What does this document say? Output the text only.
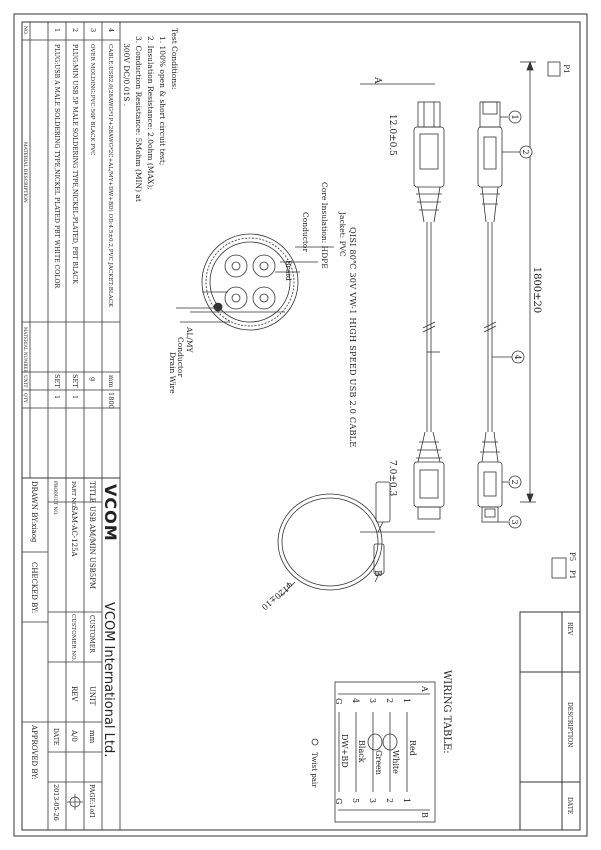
REV
DESCRIPTION
DATE
1
2
4
2
3
1800±20
P1
P5
P1
A
B
12.0±0.5
7.0±0.3
QISI 80℃ 30V VW-1 HIGH SPEED USB 2.0 CABLE
Jacket: PVC
Core Insulation: HDPE
Conductor
Braid
AL/MY
Conductor
Drain Wire
φ120±10
Test Conditions:
1. 100% open & short circuit test;
2. Insulation Resistance: 2.0ohm (MAX);
3. Conduction Resistance: 5Mohm (MIN) at
300V DC/0.01S .
4
CABLE:USB2.0(28AWG*1P+28AWG*2C+AL/MY+DW+BD) OD:4.5±0.2,PVC JACKET:BLACK
mm
1800
3
OVER MOLDING:PVC-50P BLACK PVC
g
2
PLUG:MIN USB 5P MALE SOLDERING TYPE,NICKEL-PLATED, PBT BLACK
SET
1
1
PLUG:USB A MALE SOLDERING TYPE,NICKEL PLATED PBT WHITE COLOR
SET
1
NO.
MATERIAL DESCRIPTION
MATERIAL NUMBER
UNIT
QTY
VCOM
VCOM International Ltd.
TITLE
USB AM/MIN USB5PM
CUSTOMER
UNIT
mm
PAGE:1of1
PART NO.
SAM-AC-125A
CUSTOMER NO.
REV
A/0
PRODUCT NO.
DATE
2013-05-26
DRAWN BY:xiaog
CHECKED BY:
APPROVED BY:	WIRING TABLE:
A
B
1
Red
1
2
White
2
3
Green
3
4
Black
5
G
DW+BD
G
Twist pair
